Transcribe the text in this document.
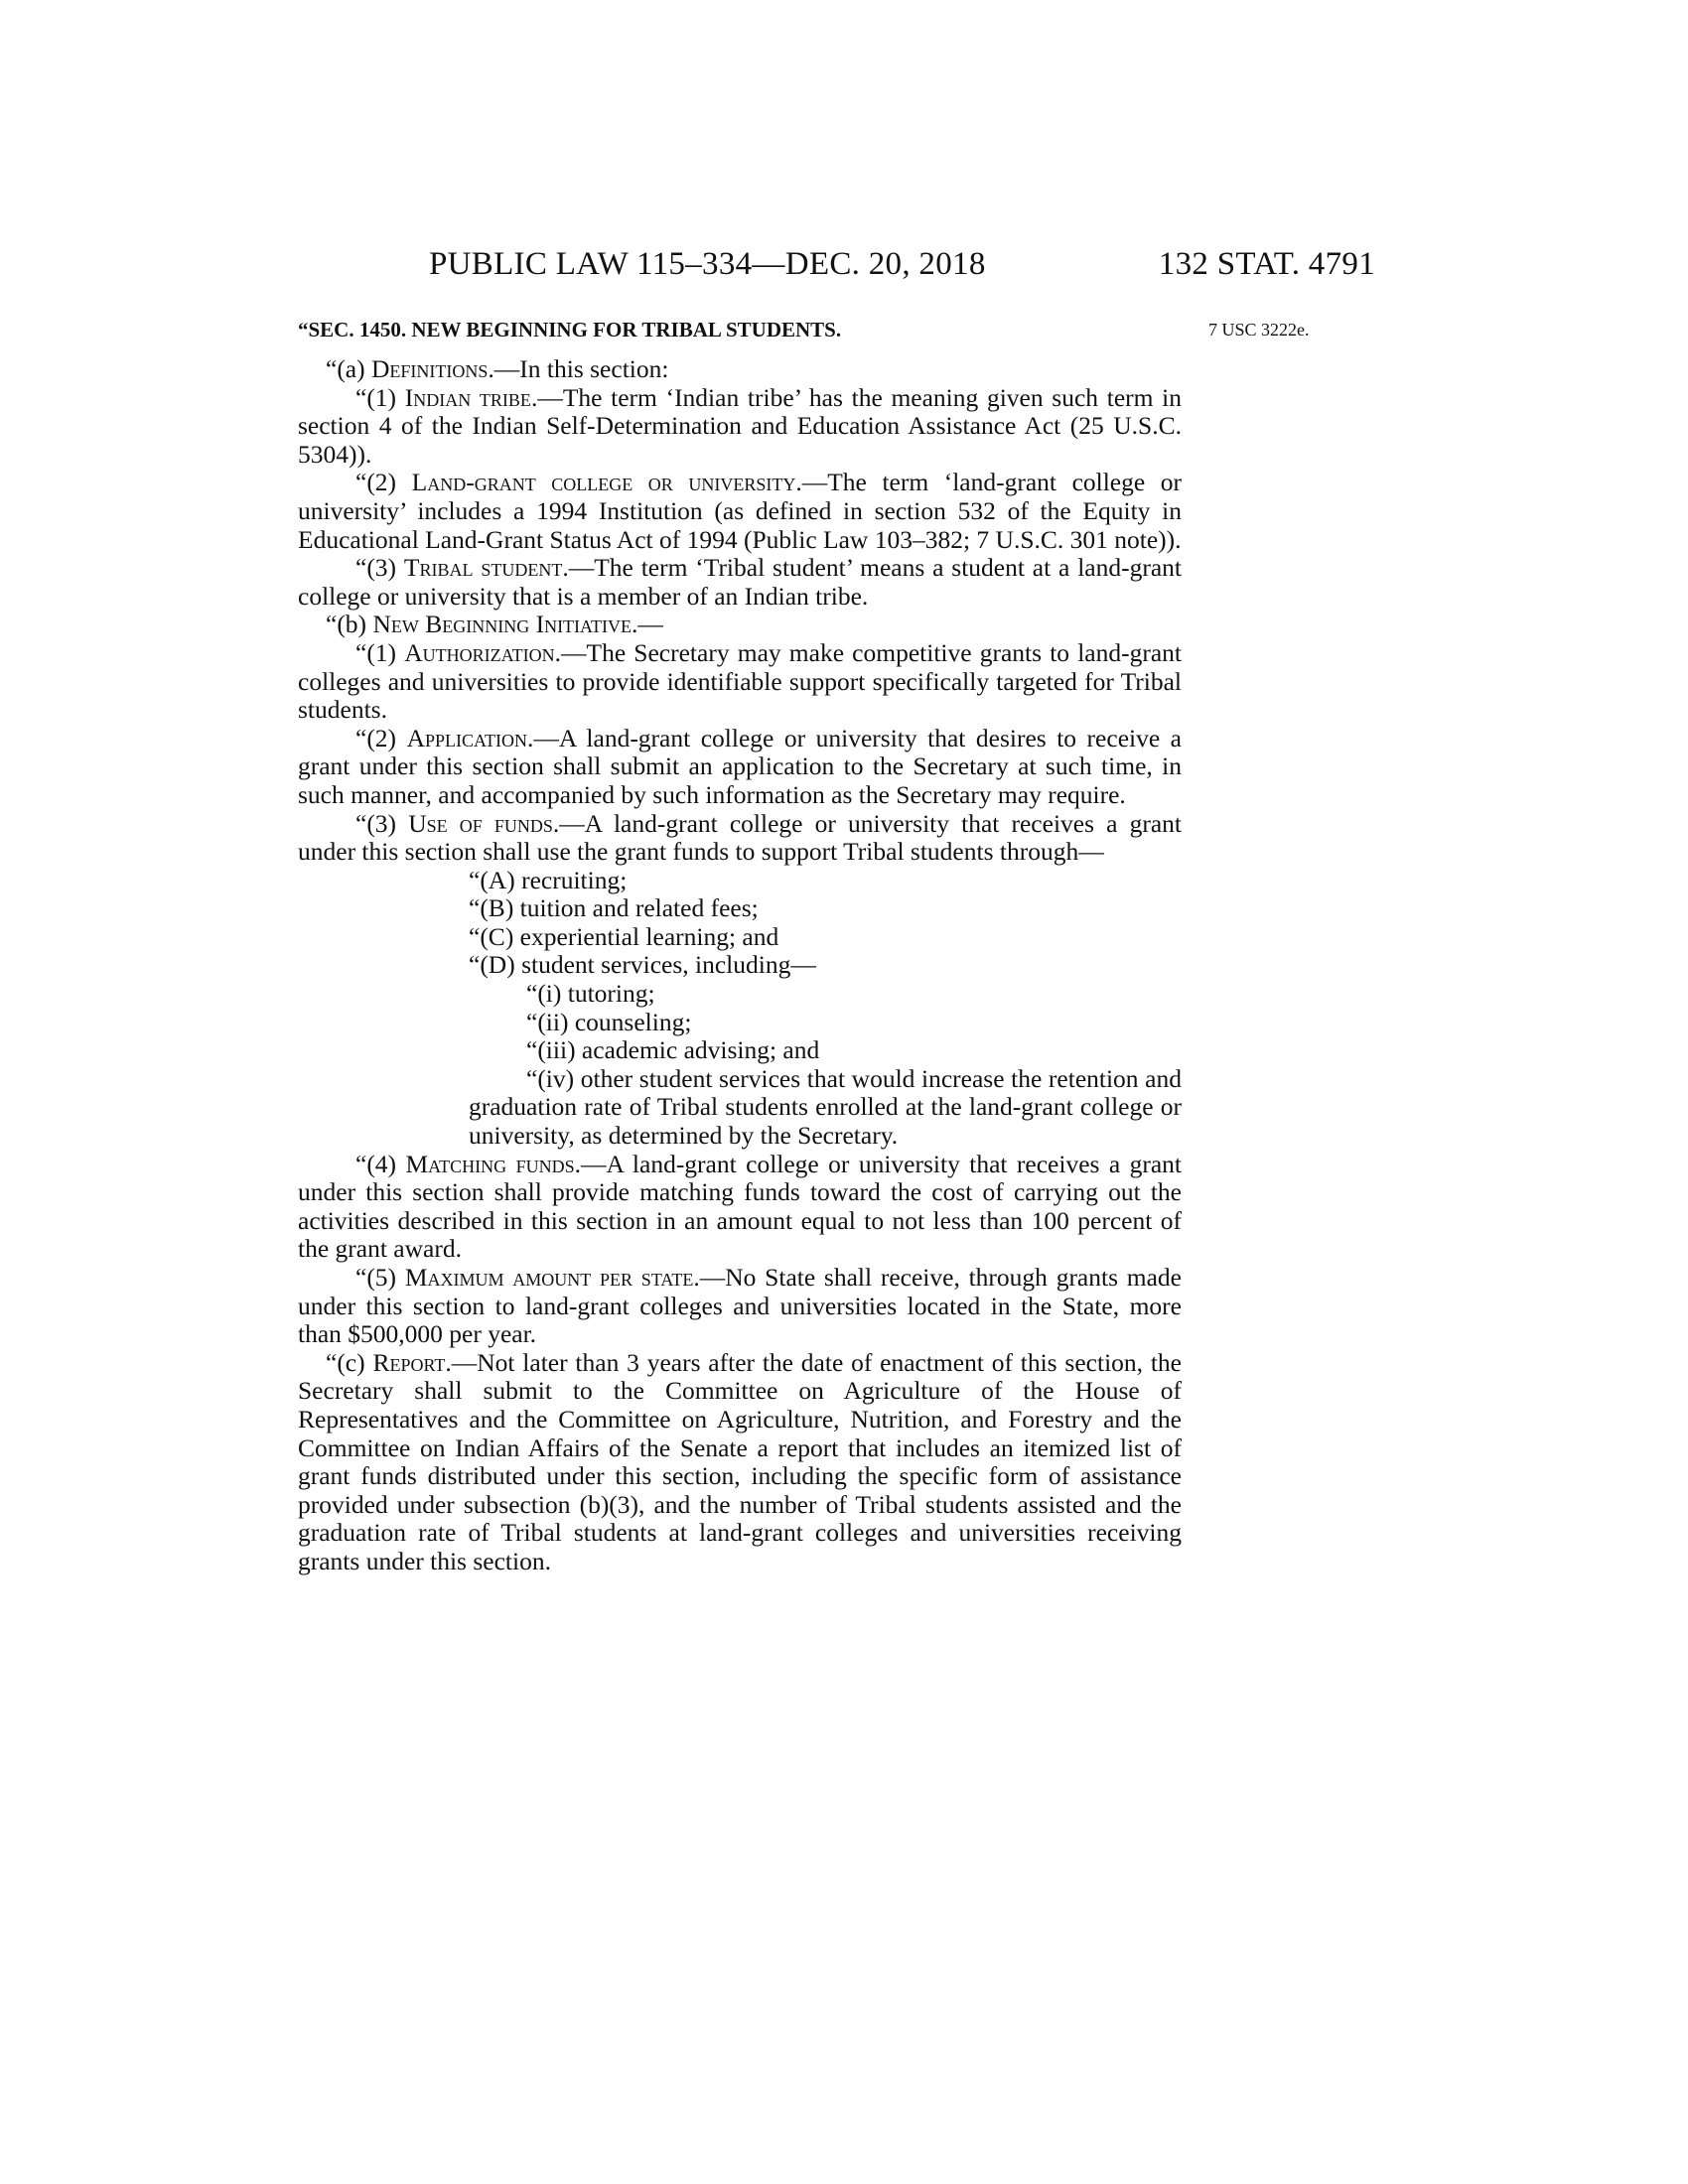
PUBLIC LAW 115–334—DEC. 20, 2018	132 STAT. 4791
“SEC. 1450. NEW BEGINNING FOR TRIBAL STUDENTS.	7 USC 3222e.

“(a) Definitions.—In this section:

“(1) Indian tribe.—The term ‘Indian tribe’ has the meaning given such term in section 4 of the Indian Self-Determination and Education Assistance Act (25 U.S.C. 5304)).

“(2) Land-grant college or university.—The term ‘land-grant college or university’ includes a 1994 Institution (as defined in section 532 of the Equity in Educational Land-Grant Status Act of 1994 (Public Law 103–382; 7 U.S.C. 301 note)).

“(3) Tribal student.—The term ‘Tribal student’ means a student at a land-grant college or university that is a member of an Indian tribe.

“(b) New Beginning Initiative.—

“(1) Authorization.—The Secretary may make competitive grants to land-grant colleges and universities to provide identifiable support specifically targeted for Tribal students.

“(2) Application.—A land-grant college or university that desires to receive a grant under this section shall submit an application to the Secretary at such time, in such manner, and accompanied by such information as the Secretary may require.

“(3) Use of funds.—A land-grant college or university that receives a grant under this section shall use the grant funds to support Tribal students through—

“(A) recruiting;

“(B) tuition and related fees;

“(C) experiential learning; and

“(D) student services, including—

“(i) tutoring;

“(ii) counseling;

“(iii) academic advising; and

“(iv) other student services that would increase the retention and graduation rate of Tribal students enrolled at the land-grant college or university, as determined by the Secretary.

“(4) Matching funds.—A land-grant college or university that receives a grant under this section shall provide matching funds toward the cost of carrying out the activities described in this section in an amount equal to not less than 100 percent of the grant award.

“(5) Maximum amount per state.—No State shall receive, through grants made under this section to land-grant colleges and universities located in the State, more than $500,000 per year.

“(c) Report.—Not later than 3 years after the date of enactment of this section, the Secretary shall submit to the Committee on Agriculture of the House of Representatives and the Committee on Agriculture, Nutrition, and Forestry and the Committee on Indian Affairs of the Senate a report that includes an itemized list of grant funds distributed under this section, including the specific form of assistance provided under subsection (b)(3), and the number of Tribal students assisted and the graduation rate of Tribal students at land-grant colleges and universities receiving grants under this section.
